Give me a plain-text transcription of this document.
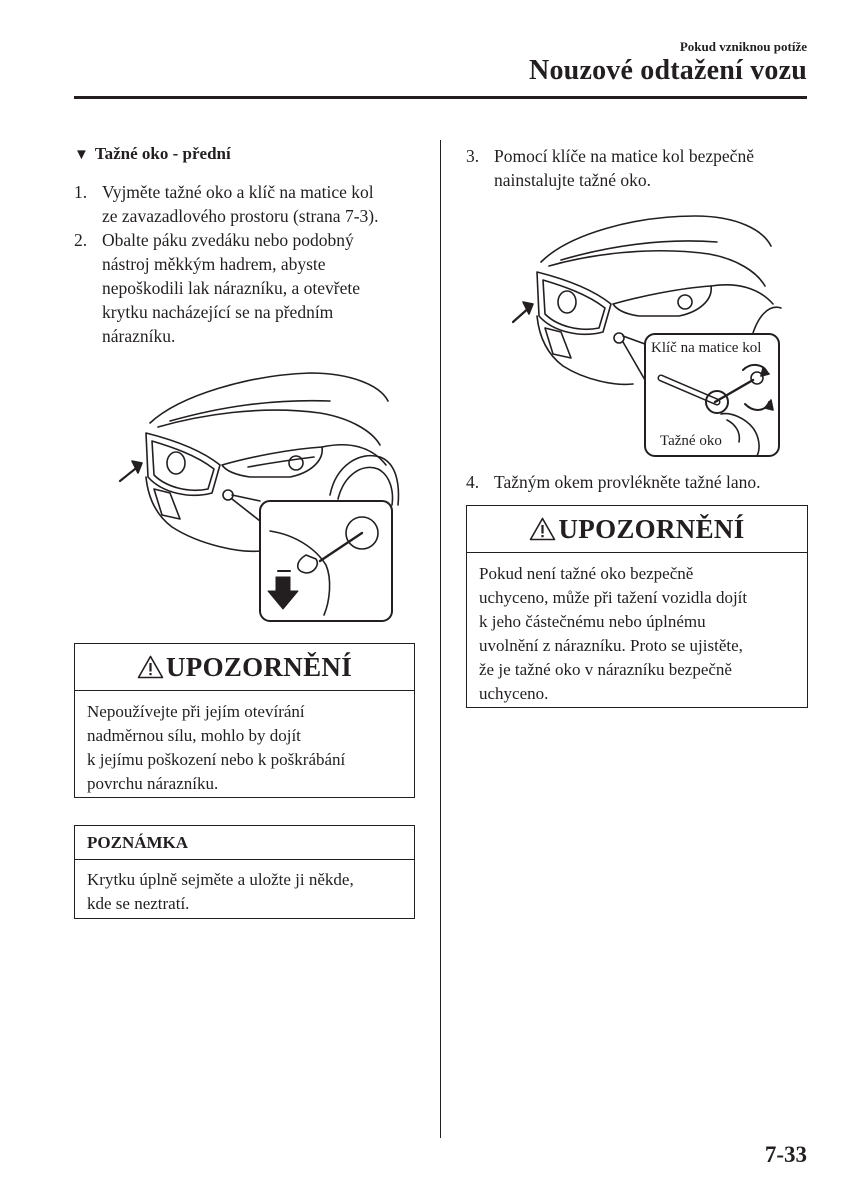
Pokud vzniknou potíže
Nouzové odtažení vozu
▼ Tažné oko - přední
1. Vyjměte tažné oko a klíč na matice kol
ze zavazadlového prostoru (strana 7-3).
2. Obalte páku zvedáku nebo podobný
nástroj měkkým hadrem, abyste
nepoškodili lak nárazníku, a otevřete
krytku nacházející se na předním
nárazníku.
UPOZORNĚNÍ
Nepoužívejte při jejím otevírání
nadměrnou sílu, mohlo by dojít
k jejímu poškození nebo k poškrábání
povrchu nárazníku.
POZNÁMKA
Krytku úplně sejměte a uložte ji někde,
kde se neztratí.
3. Pomocí klíče na matice kol bezpečně
nainstalujte tažné oko.
Klíč na matice kol
Tažné oko
4. Tažným okem provlékněte tažné lano.
UPOZORNĚNÍ
Pokud není tažné oko bezpečně
uchyceno, může při tažení vozidla dojít
k jeho částečnému nebo úplnému
uvolnění z nárazníku. Proto se ujistěte,
že je tažné oko v nárazníku bezpečně
uchyceno.
7-33
